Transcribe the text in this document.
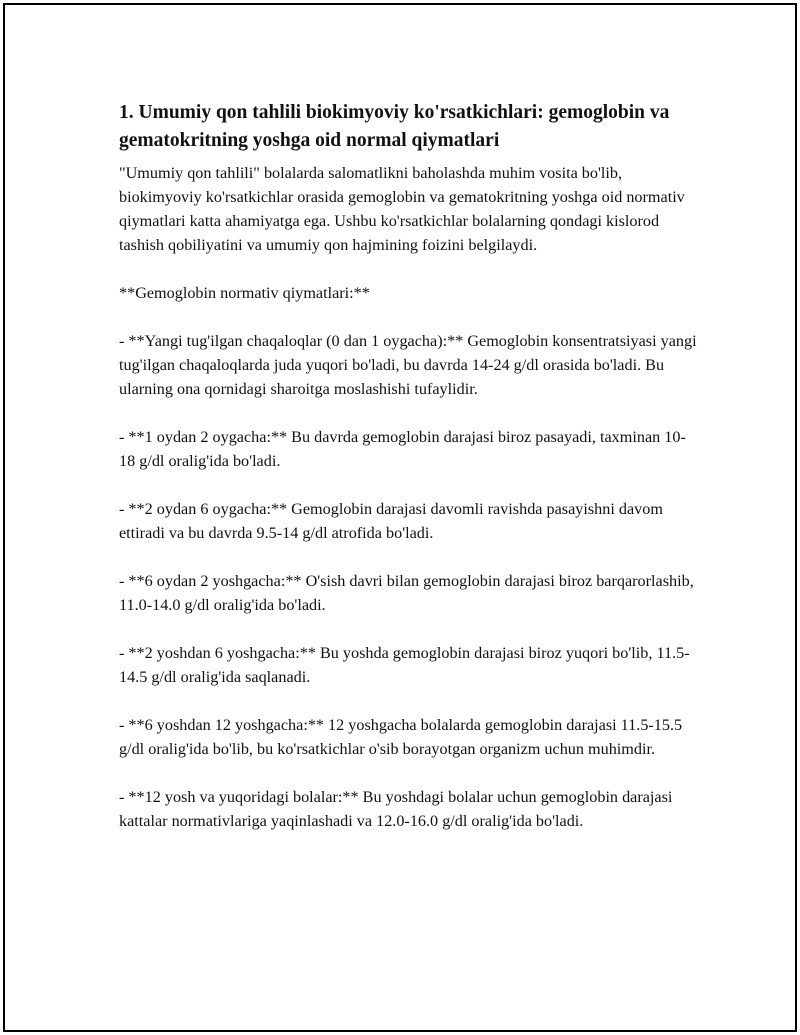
1. Umumiy qon tahlili biokimyoviy ko'rsatkichlari: gemoglobin va gematokritning yoshga oid normal qiymatlari

"Umumiy qon tahlili" bolalarda salomatlikni baholashda muhim vosita bo'lib, biokimyoviy ko'rsatkichlar orasida gemoglobin va gematokritning yoshga oid normativ qiymatlari katta ahamiyatga ega. Ushbu ko'rsatkichlar bolalarning qondagi kislorod tashish qobiliyatini va umumiy qon hajmining foizini belgilaydi.

**Gemoglobin normativ qiymatlari:**

- **Yangi tug'ilgan chaqaloqlar (0 dan 1 oygacha):** Gemoglobin konsentratsiyasi yangi tug'ilgan chaqaloqlarda juda yuqori bo'ladi, bu davrda 14-24 g/dl orasida bo'ladi. Bu ularning ona qornidagi sharoitga moslashishi tufaylidir.

- **1 oydan 2 oygacha:** Bu davrda gemoglobin darajasi biroz pasayadi, taxminan 10-18 g/dl oralig'ida bo'ladi.

- **2 oydan 6 oygacha:** Gemoglobin darajasi davomli ravishda pasayishni davom ettiradi va bu davrda 9.5-14 g/dl atrofida bo'ladi.

- **6 oydan 2 yoshgacha:** O'sish davri bilan gemoglobin darajasi biroz barqarorlashib, 11.0-14.0 g/dl oralig'ida bo'ladi.

- **2 yoshdan 6 yoshgacha:** Bu yoshda gemoglobin darajasi biroz yuqori bo'lib, 11.5-14.5 g/dl oralig'ida saqlanadi.

- **6 yoshdan 12 yoshgacha:** 12 yoshgacha bolalarda gemoglobin darajasi 11.5-15.5 g/dl oralig'ida bo'lib, bu ko'rsatkichlar o'sib borayotgan organizm uchun muhimdir.

- **12 yosh va yuqoridagi bolalar:** Bu yoshdagi bolalar uchun gemoglobin darajasi kattalar normativlariga yaqinlashadi va 12.0-16.0 g/dl oralig'ida bo'ladi.
